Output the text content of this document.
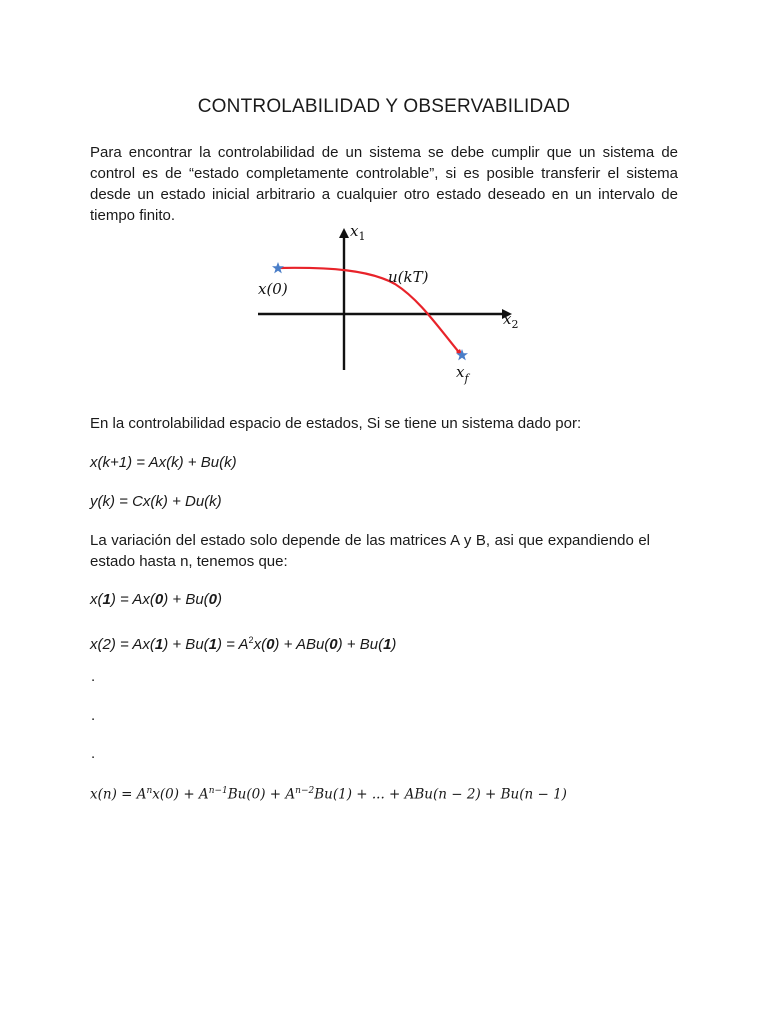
CONTROLABILIDAD Y OBSERVABILIDAD
Para encontrar la controlabilidad de un sistema se debe cumplir que un sistema de control es de “estado completamente controlable”, si es posible transferir el sistema desde un estado inicial arbitrario a cualquier otro estado deseado en un intervalo de tiempo finito.
$x_1$
$x_2$
x(0)
u(kT)
$x_f$
En la controlabilidad espacio de estados, Si se tiene un sistema dado por:
x(k+1) = Ax(k) + Bu(k)
y(k) = Cx(k) + Du(k)
La variación del estado solo depende de las matrices A y B, asi que expandiendo el estado hasta n, tenemos que:
x(1) = Ax(0) + Bu(0)
$x(2) = Ax(1) + Bu(1) = A^2x(0) + ABu(0) + Bu(1)$
.
.
.
$x(n) = A^nx(0) + A^{n-1}Bu(0) + A^{n-2}Bu(1)$ + ... + ABu(n − 2) + Bu(n − 1)
